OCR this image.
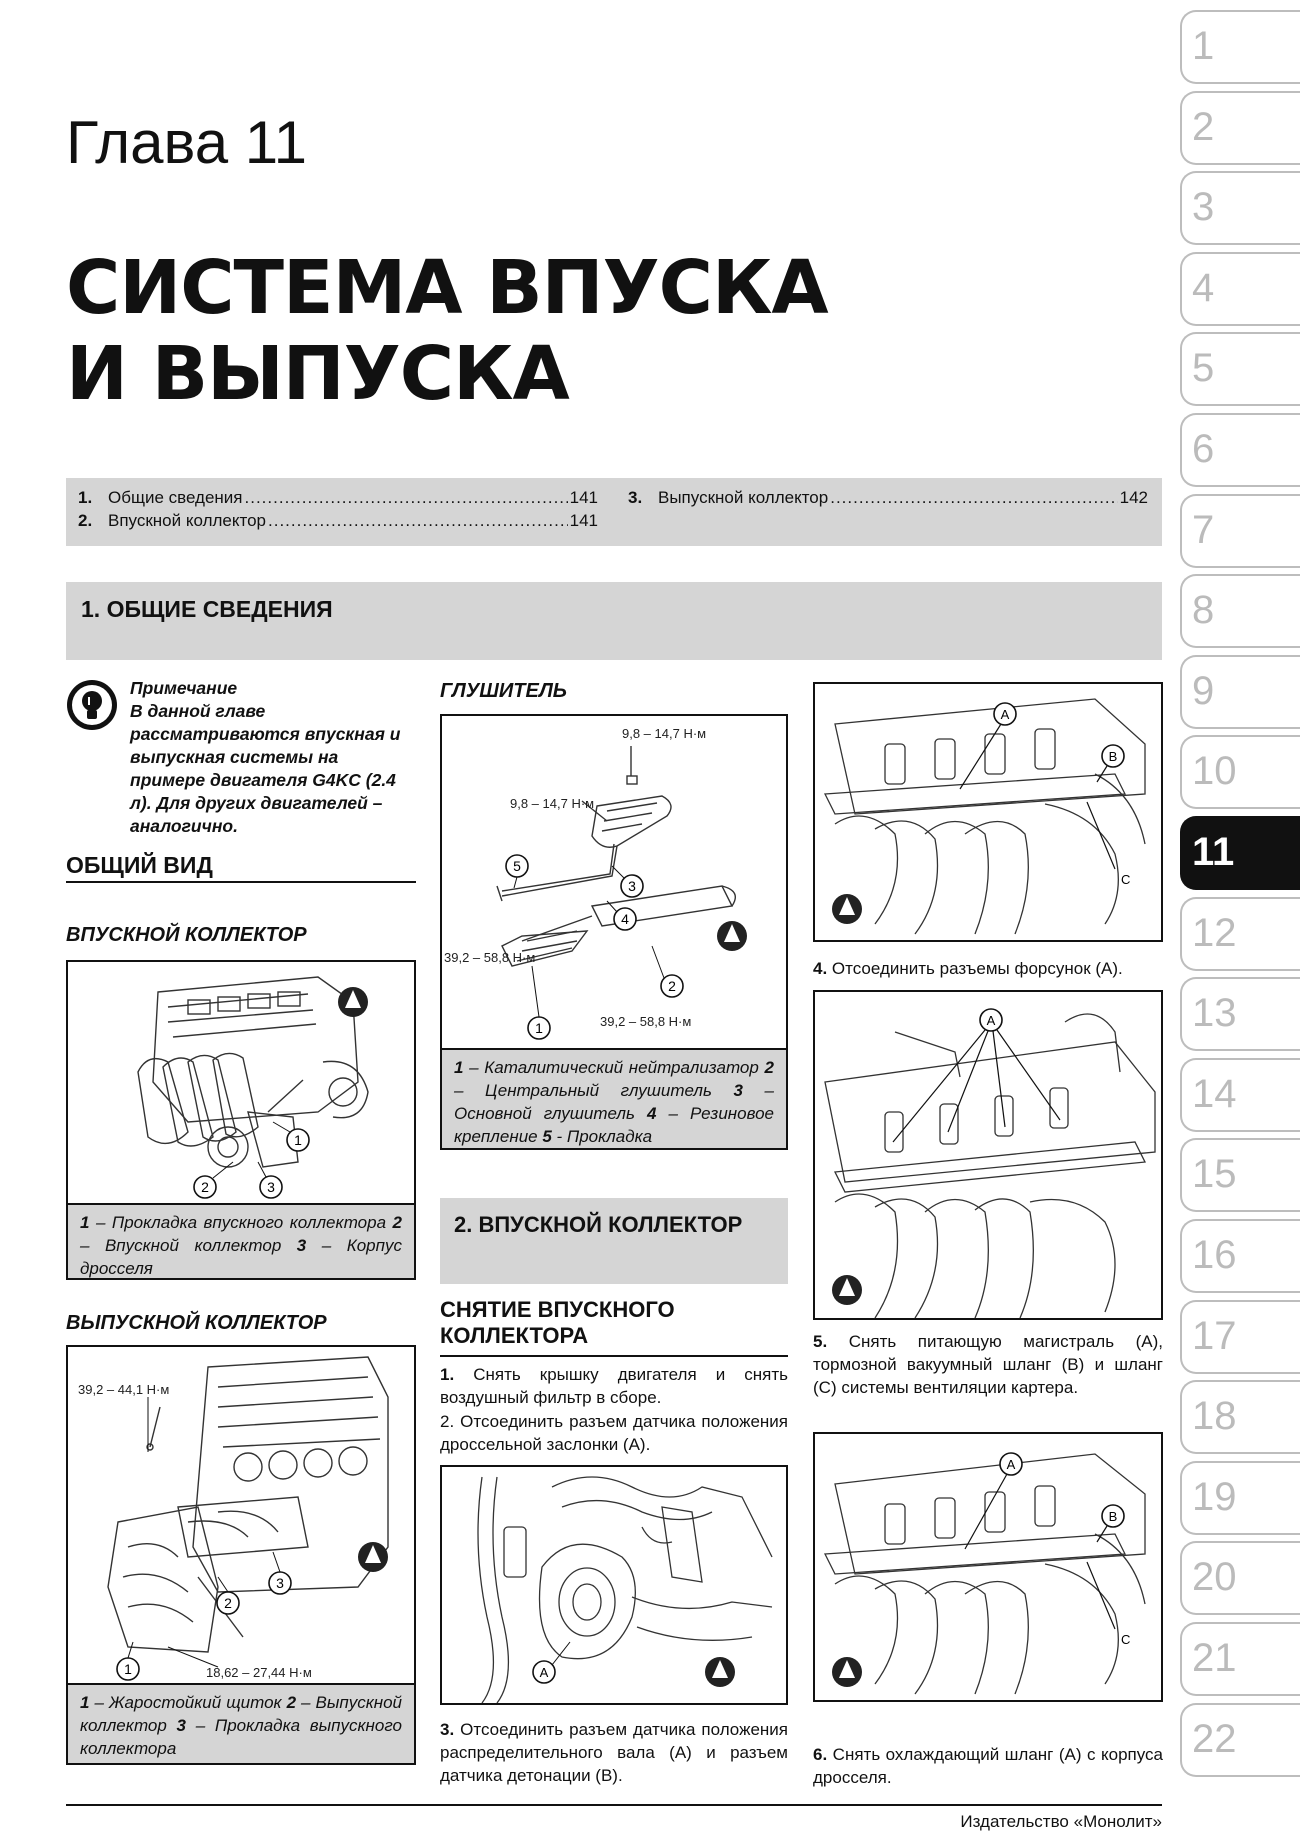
Глава 11
СИСТЕМА ВПУСКА
И ВЫПУСКА
1. Общие сведения .....	141
2. Впускной коллектор .....	141
3. Выпускной коллектор .....	142
1. ОБЩИЕ СВЕДЕНИЯ
1
2
3
4
5
6
7
8
9
10
11
12
13
14
15
16
17
18
19
20
21
22

Примечание

В данной главе рассматриваются впускная и выпускная системы на примере двигателя G4KC (2.4 л). Для других двигателей – аналогично.

ОБЩИЙ ВИД
ВПУСКНОЙ КОЛЛЕКТОР
1
2	3
1 – Прокладка впускного коллектора 2 – Впускной коллектор 3 – Корпус дросселя
ВЫПУСКНОЙ КОЛЛЕКТОР
39,2 – 44,1 Н·м
18,62 – 27,44 Н·м
1
2
3
1 – Жаростойкий щиток 2 – Выпускной коллектор 3 – Прокладка выпускного коллектора
ГЛУШИТЕЛЬ
9,8 – 14,7 Н·м
9,8 – 14,7 Н·м
39,2 – 58,8 Н·м
39,2 – 58,8 Н·м
1
2
3
4
5
1 – Каталитический нейтрализатор 2 – Центральный глушитель 3 – Основной глушитель 4 – Резиновое крепление 5 - Прокладка
2. ВПУСКНОЙ КОЛЛЕКТОР
СНЯТИЕ ВПУСКНОГО
КОЛЛЕКТОРА
1. Снять крышку двигателя и снять воздушный фильтр в сборе.
2. Отсоединить разъем датчика положения дроссельной заслонки (A).
A
3. Отсоединить разъем датчика положения распределительного вала (A) и разъем датчика детонации (B).
A
B
C
4. Отсоединить разъемы форсунок (A).
A
5. Снять питающую магистраль (A), тормозной вакуумный шланг (B) и шланг (C) системы вентиляции картера.
A
B
C
6. Снять охлаждающий шланг (A) с корпуса дросселя.
Издательство «Монолит»
